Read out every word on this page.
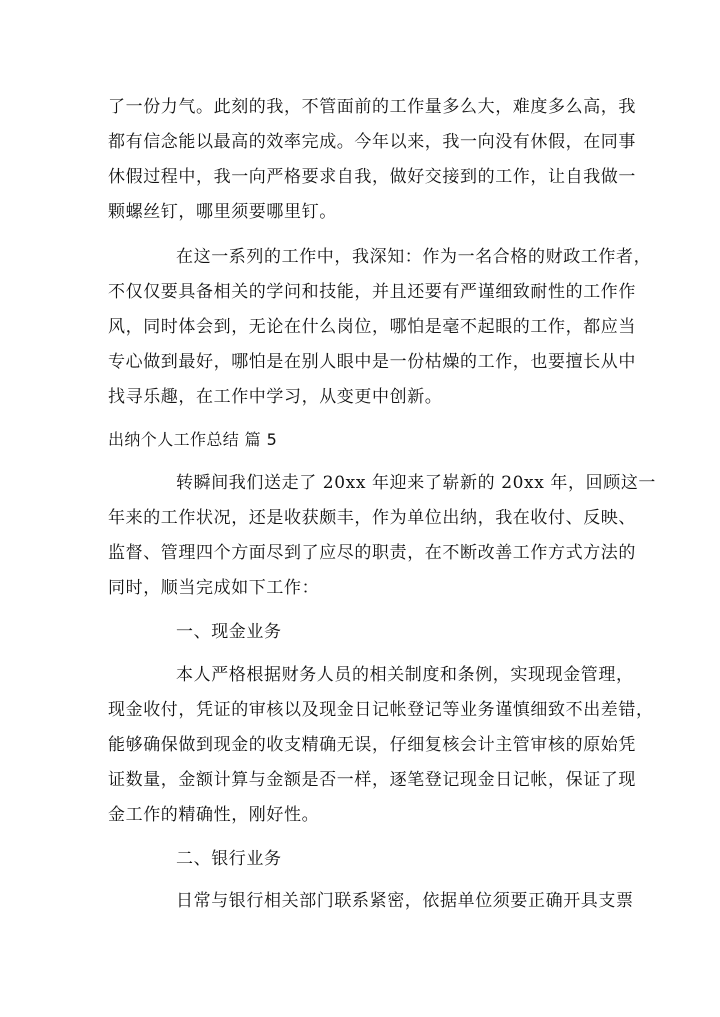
了一份力气。此刻的我，不管面前的工作量多么大，难度多么高，我
都有信念能以最高的效率完成。今年以来，我一向没有休假，在同事
休假过程中，我一向严格要求自我，做好交接到的工作，让自我做一
颗螺丝钉，哪里须要哪里钉。
在这一系列的工作中，我深知：作为一名合格的财政工作者，
不仅仅要具备相关的学问和技能，并且还要有严谨细致耐性的工作作
风，同时体会到，无论在什么岗位，哪怕是毫不起眼的工作，都应当
专心做到最好，哪怕是在别人眼中是一份枯燥的工作，也要擅长从中
找寻乐趣，在工作中学习，从变更中创新。
出纳个人工作总结 篇 5
转瞬间我们送走了 20xx 年迎来了崭新的 20xx 年，回顾这一
年来的工作状况，还是收获颇丰，作为单位出纳，我在收付、反映、
监督、管理四个方面尽到了应尽的职责，在不断改善工作方式方法的
同时，顺当完成如下工作：
一、现金业务
本人严格根据财务人员的相关制度和条例，实现现金管理，
现金收付，凭证的审核以及现金日记帐登记等业务谨慎细致不出差错，
能够确保做到现金的收支精确无误，仔细复核会计主管审核的原始凭
证数量，金额计算与金额是否一样，逐笔登记现金日记帐，保证了现
金工作的精确性，刚好性。
二、银行业务
日常与银行相关部门联系紧密，依据单位须要正确开具支票
